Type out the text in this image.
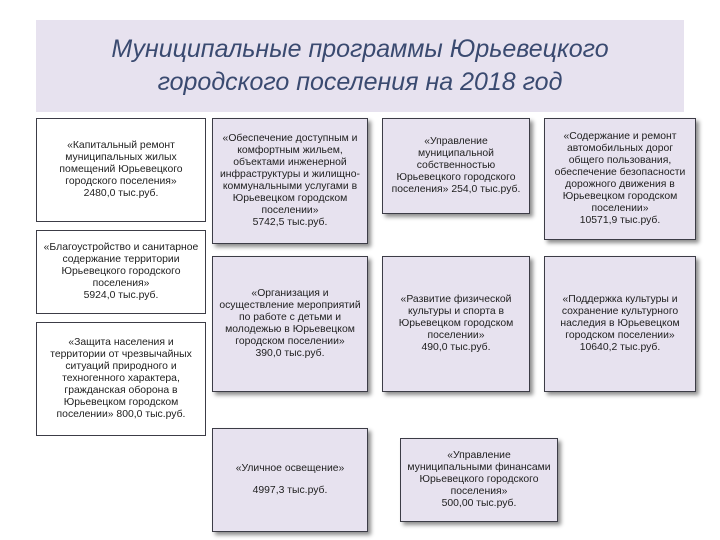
Муниципальные программы Юрьевецкого
городского поселения на 2018 год
«Капитальный ремонт муниципальных жилых помещений Юрьевецкого городского поселения»
2480,0 тыс.руб.
«Благоустройство и санитарное содержание территории Юрьевецкого городского поселения»
5924,0 тыс.руб.
«Защита населения и территории от чрезвычайных ситуаций природного и техногенного характера, гражданская оборона в Юрьевецком городском поселении» 800,0 тыс.руб.
«Обеспечение доступным и комфортным жильем, объектами инженерной инфраструктуры и жилищно-коммунальными услугами в Юрьевецком городском поселении»
5742,5 тыс.руб.
«Организация и осуществление мероприятий по работе с детьми и молодежью в Юрьевецком городском поселении»
390,0 тыс.руб.
«Уличное освещение»
4997,3 тыс.руб.
«Управление муниципальной собственностью Юрьевецкого городского поселения» 254,0 тыс.руб.
«Развитие физической культуры и спорта в Юрьевецком городском поселении»
490,0 тыс.руб.
«Управление муниципальными финансами Юрьевецкого городского поселения»
500,00 тыс.руб.
«Содержание и ремонт автомобильных дорог общего пользования, обеспечение безопасности дорожного движения в Юрьевецком городском поселении»
10571,9 тыс.руб.
«Поддержка культуры и сохранение культурного наследия в Юрьевецком городском поселении»
10640,2 тыс.руб.
